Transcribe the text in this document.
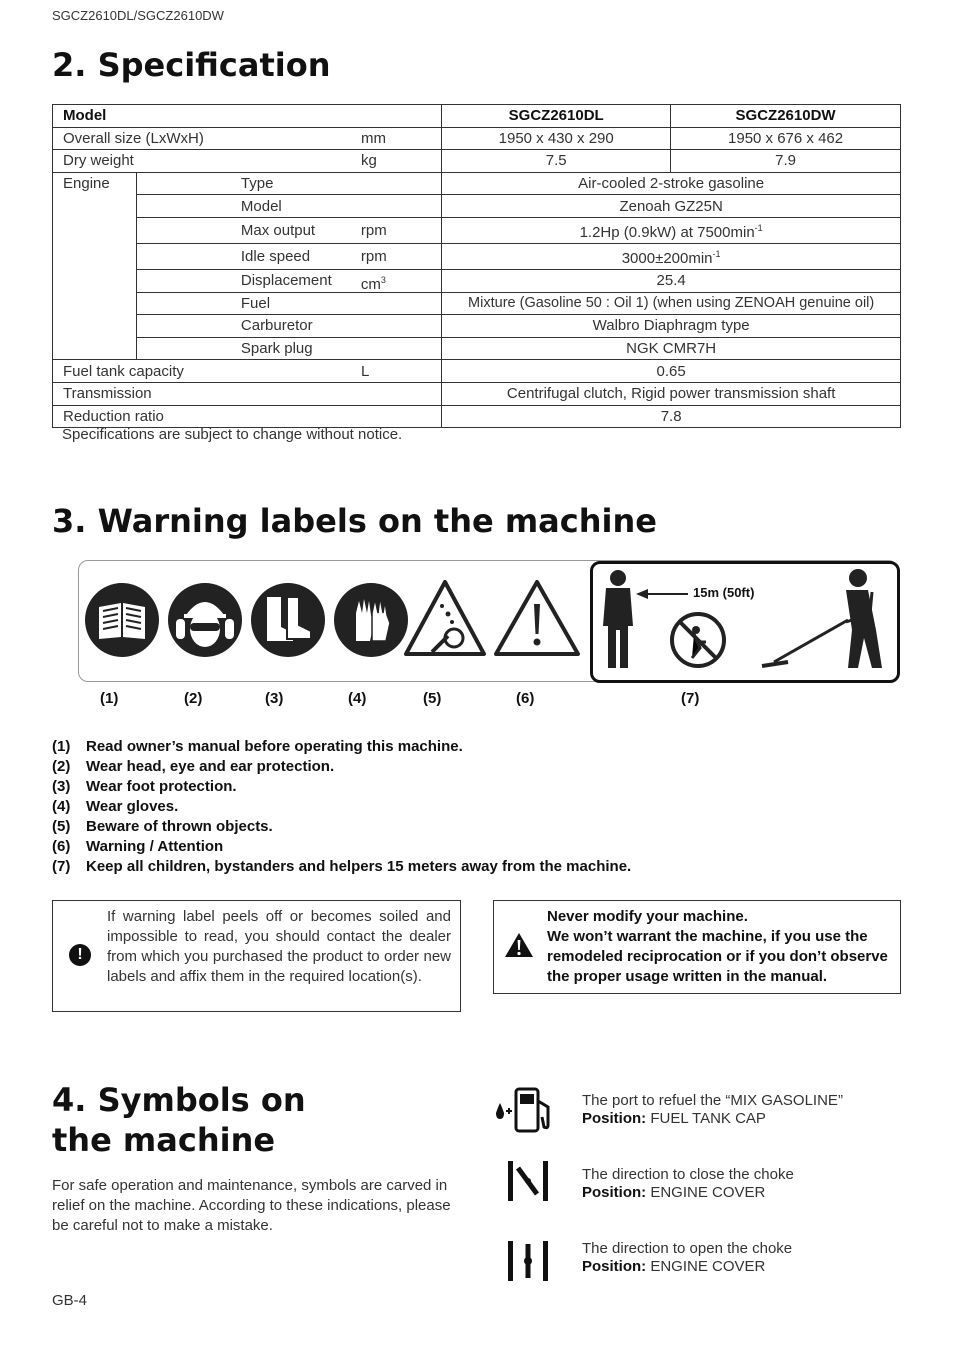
SGCZ2610DL/SGCZ2610DW
2. Specification
Model		SGCZ2610DL	SGCZ2610DW
Overall size (LxWxH) mm		1950 x 430 x 290	1950 x 676 x 462
Dry weight kg		7.5	7.9
Engine	Type	Air-cooled 2-stroke gasoline	
	Model	Zenoah GZ25N	
	Max output rpm	1.2Hp (0.9kW) at $7500\min^{-1}$
	Idle speed rpm	$3000\pm 200\min^{-1}$
	Displacement $cm^3$	25.4	
	Fuel	Mixture (Gasoline 50 : Oil 1) (when using ZENOAH genuine oil)	
	Carburetor	Walbro Diaphragm type	
	Spark plug	NGK CMR7H	
Fuel tank capacity L		0.65	
Transmission		Centrifugal clutch, Rigid power transmission shaft	
Reduction ratio		7.8	
Specifications are subject to change without notice.
3. Warning labels on the machine
15m (50ft)
(1)	(2)	(3)	(4)	(5)	(6)	(7)
(1)	Read owner’s manual before operating this machine.
(2)	Wear head, eye and ear protection.
(3)	Wear foot protection.
(4)	Wear gloves.
(5)	Beware of thrown objects.
(6)	Warning / Attention
(7)	Keep all children, bystanders and helpers 15 meters away from the machine.
!
If warning label peels off or becomes soiled and impossible to read, you should contact the dealer from which you purchased the product to order new labels and affix them in the required location(s).
Never modify your machine.
We won’t warrant the machine, if you use the remodeled reciprocation or if you don’t observe the proper usage written in the manual.
4. Symbols on
the machine
For safe operation and maintenance, symbols are carved in relief on the machine. According to these indications, please be careful not to make a mistake.
The port to refuel the “MIX GASOLINE”
Position: FUEL TANK CAP
The direction to close the choke
Position: ENGINE COVER
The direction to open the choke
Position: ENGINE COVER
GB-4
